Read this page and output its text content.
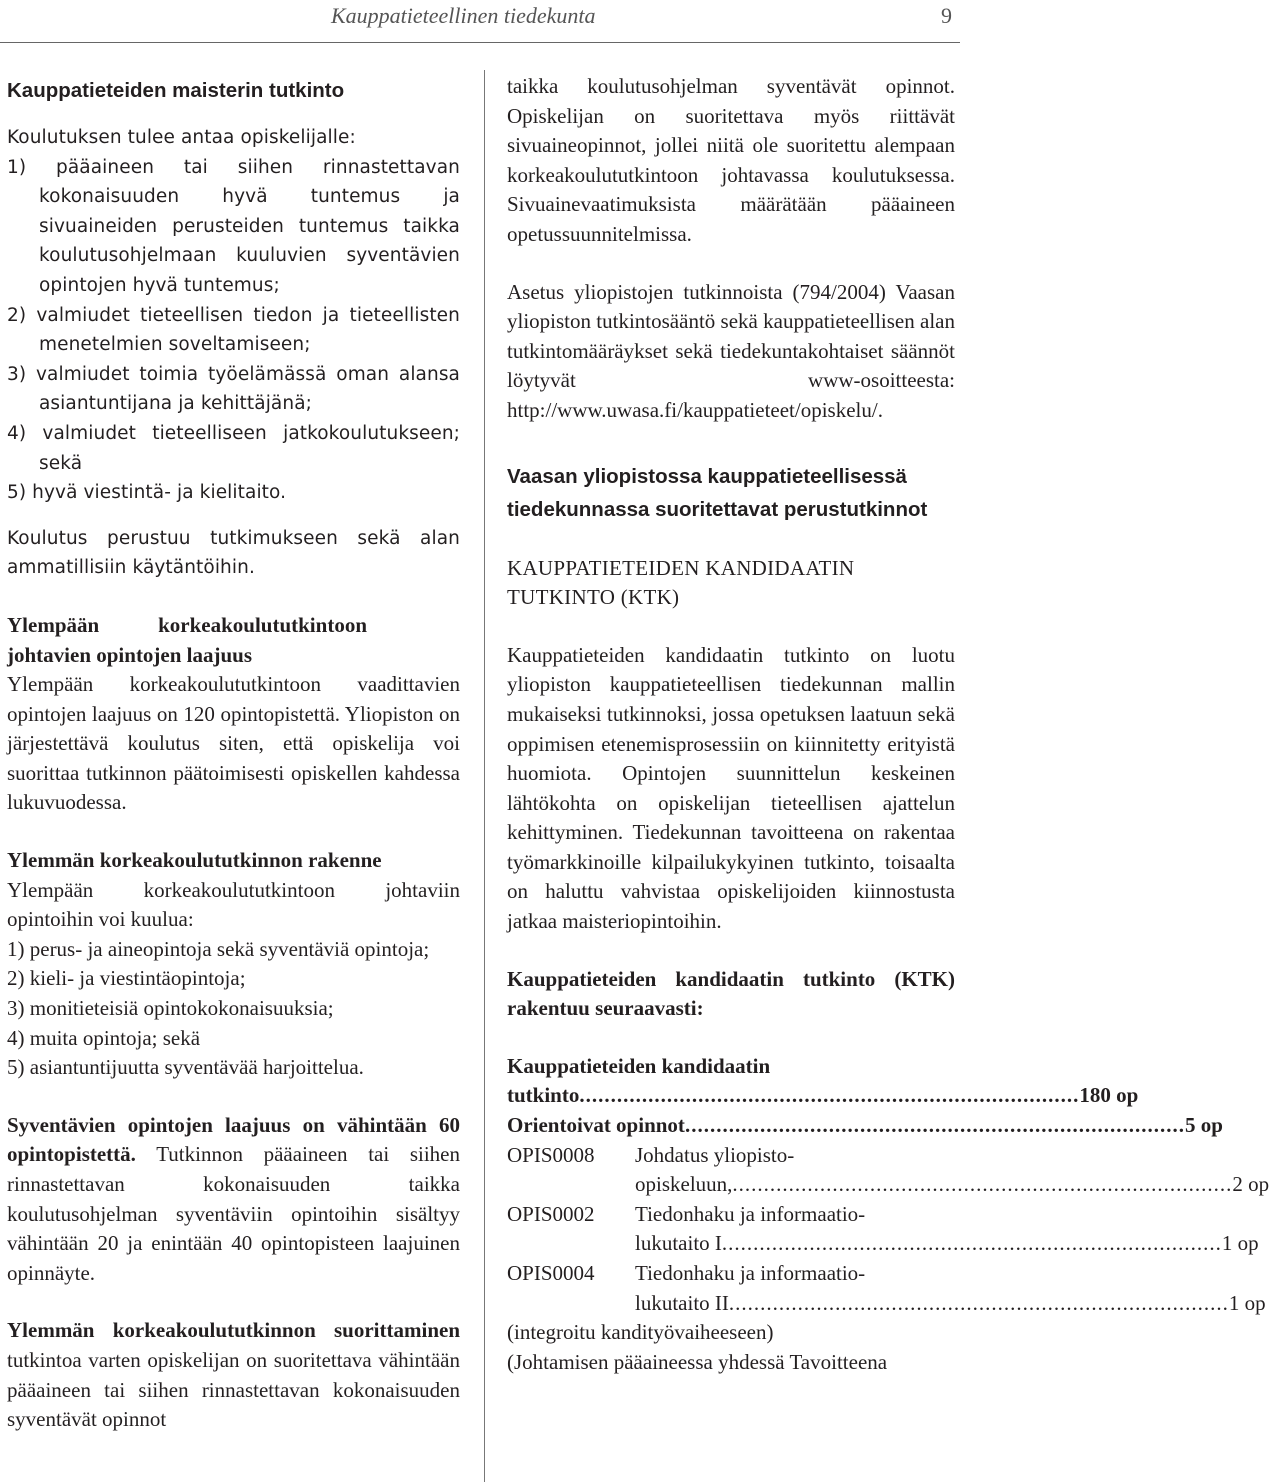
Kauppatieteellinen tiedekunta	9
Kauppatieteiden maisterin tutkinto

Koulutuksen tulee antaa opiskelijalle:

1) pääaineen tai siihen rinnastettavan kokonaisuuden hyvä tuntemus ja sivuaineiden perusteiden tuntemus taikka koulutusohjelmaan kuuluvien syventävien opintojen hyvä tuntemus;
2) valmiudet tieteellisen tiedon ja tieteellisten menetelmien soveltamiseen;
3) valmiudet toimia työelämässä oman alansa asiantuntijana ja kehittäjänä;
4) valmiudet tieteelliseen jatkokoulutukseen; sekä
5) hyvä viestintä- ja kielitaito.

Koulutus perustuu tutkimukseen sekä alan ammatillisiin käytäntöihin.

Ylempään korkeakoulututkintoon johtavien opintojen laajuus

Ylempään korkeakoulututkintoon vaadittavien opintojen laajuus on 120 opintopistettä. Yliopiston on järjestettävä koulutus siten, että opiskelija voi suorittaa tutkinnon päätoimisesti opiskellen kahdessa lukuvuodessa.

Ylemmän korkeakoulututkinnon rakenne

Ylempään korkeakoulututkintoon johtaviin opintoihin voi kuulua:

1) perus- ja aineopintoja sekä syventäviä opintoja;
2) kieli- ja viestintäopintoja;
3) monitieteisiä opintokokonaisuuksia;
4) muita opintoja; sekä
5) asiantuntijuutta syventävää harjoittelua.

Syventävien opintojen laajuus on vähintään 60 opintopistettä. Tutkinnon pääaineen tai siihen rinnastettavan kokonaisuuden taikka koulutusohjelman syventäviin opintoihin sisältyy vähintään 20 ja enintään 40 opintopisteen laajuinen opinnäyte.

Ylemmän korkeakoulututkinnon suorittaminen tutkintoa varten opiskelijan on suoritettava vähintään pääaineen tai siihen rinnastettavan kokonaisuuden syventävät opinnot

taikka koulutusohjelman syventävät opinnot. Opiskelijan on suoritettava myös riittävät sivuaineopinnot, jollei niitä ole suoritettu alempaan korkeakoulututkintoon johtavassa koulutuksessa. Sivuainevaatimuksista määrätään pääaineen opetussuunnitelmissa.

Asetus yliopistojen tutkinnoista (794/2004) Vaasan yliopiston tutkintosääntö sekä kauppatieteellisen alan tutkintomääräykset sekä tiedekuntakohtaiset säännöt löytyvät www-osoitteesta: http://www.uwasa.fi/kauppatieteet/opiskelu/.

Vaasan yliopistossa kauppatieteellisessä tiedekunnassa suoritettavat perustutkinnot
KAUPPATIETEIDEN KANDIDAATIN TUTKINTO (KTK)

Kauppatieteiden kandidaatin tutkinto on luotu yliopiston kauppatieteellisen tiedekunnan mallin mukaiseksi tutkinnoksi, jossa opetuksen laatuun sekä oppimisen etenemisprosessiin on kiinnitetty erityistä huomiota. Opintojen suunnittelun keskeinen lähtökohta on opiskelijan tieteellisen ajattelun kehittyminen. Tiedekunnan tavoitteena on rakentaa työmarkkinoille kilpailukykyinen tutkinto, toisaalta on haluttu vahvistaa opiskelijoiden kiinnostusta jatkaa maisteriopintoihin.

Kauppatieteiden kandidaatin tutkinto (KTK) rakentuu seuraavasti:

Kauppatieteiden kandidaatin
tutkinto ................................................................................ 180 op
Orientoivat opinnot ................................................................................ 5 op
OPIS0008	Johdatus yliopisto-
opiskeluun, ................................................................................ 2 op
OPIS0002	Tiedonhaku ja informaatio-
lukutaito I ................................................................................ 1 op
OPIS0004	Tiedonhaku ja informaatio-
lukutaito II ................................................................................ 1 op
(integroitu kandityövaiheeseen)
(Johtamisen pääaineessa yhdessä Tavoitteena
